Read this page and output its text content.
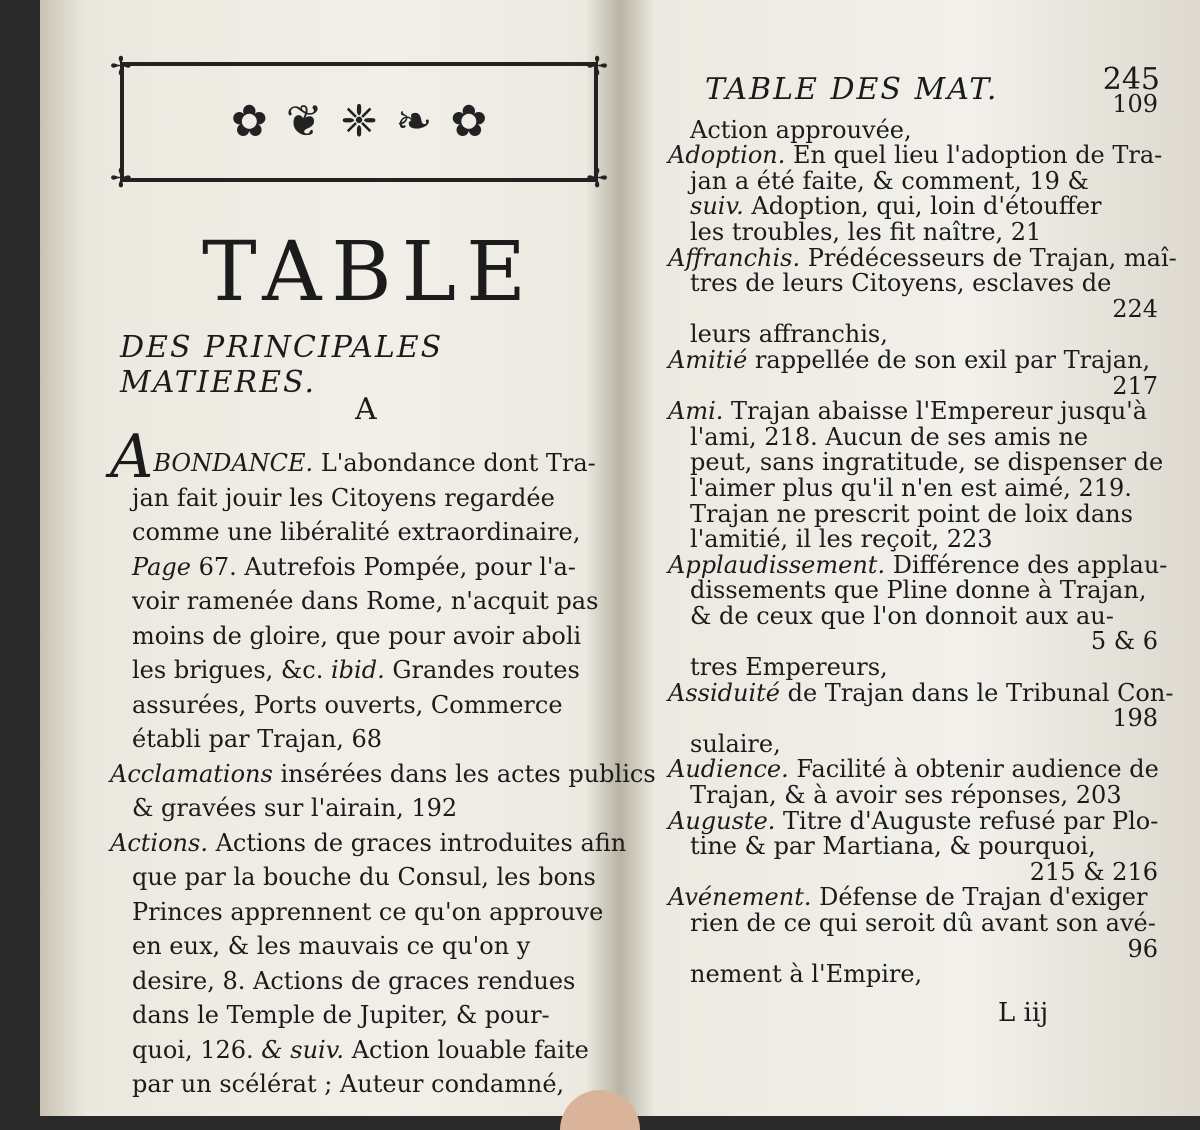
✢	✢
✢	✢
✿ ❦ ❈ ❧ ✿
TABLE
DES PRINCIPALES MATIERES.
A
ABONDANCE. L'abondance dont Tra-
jan fait jouir les Citoyens regardée
comme une libéralité extraordinaire,
Page 67. Autrefois Pompée, pour l'a-
voir ramenée dans Rome, n'acquit pas
moins de gloire, que pour avoir aboli
les brigues, &c. ibid. Grandes routes
assurées, Ports ouverts, Commerce
établi par Trajan, 68
Acclamations insérées dans les actes publics
& gravées sur l'airain, 192
Actions. Actions de graces introduites afin
que par la bouche du Consul, les bons
Princes apprennent ce qu'on approuve
en eux, & les mauvais ce qu'on y
desire, 8. Actions de graces rendues
dans le Temple de Jupiter, & pour-
quoi, 126. & suiv. Action louable faite
par un scélérat ; Auteur condamné,
TABLE DES MAT.	245
109
Action approuvée,
Adoption. En quel lieu l'adoption de Tra-
jan a été faite, & comment, 19 &
suiv. Adoption, qui, loin d'étouffer
les troubles, les fit naître, 21
Affranchis. Prédécesseurs de Trajan, maî-
tres de leurs Citoyens, esclaves de
224
leurs affranchis,
Amitié rappellée de son exil par Trajan,
217
Ami. Trajan abaisse l'Empereur jusqu'à
l'ami, 218. Aucun de ses amis ne
peut, sans ingratitude, se dispenser de
l'aimer plus qu'il n'en est aimé, 219.
Trajan ne prescrit point de loix dans
l'amitié, il les reçoit, 223
Applaudissement. Différence des applau-
dissements que Pline donne à Trajan,
& de ceux que l'on donnoit aux au-
5 & 6
tres Empereurs,
Assiduité de Trajan dans le Tribunal Con-
198
sulaire,
Audience. Facilité à obtenir audience de
Trajan, & à avoir ses réponses, 203
Auguste. Titre d'Auguste refusé par Plo-
tine & par Martiana, & pourquoi,
215 & 216
Avénement. Défense de Trajan d'exiger
rien de ce qui seroit dû avant son avé-
96
nement à l'Empire,
L iij
